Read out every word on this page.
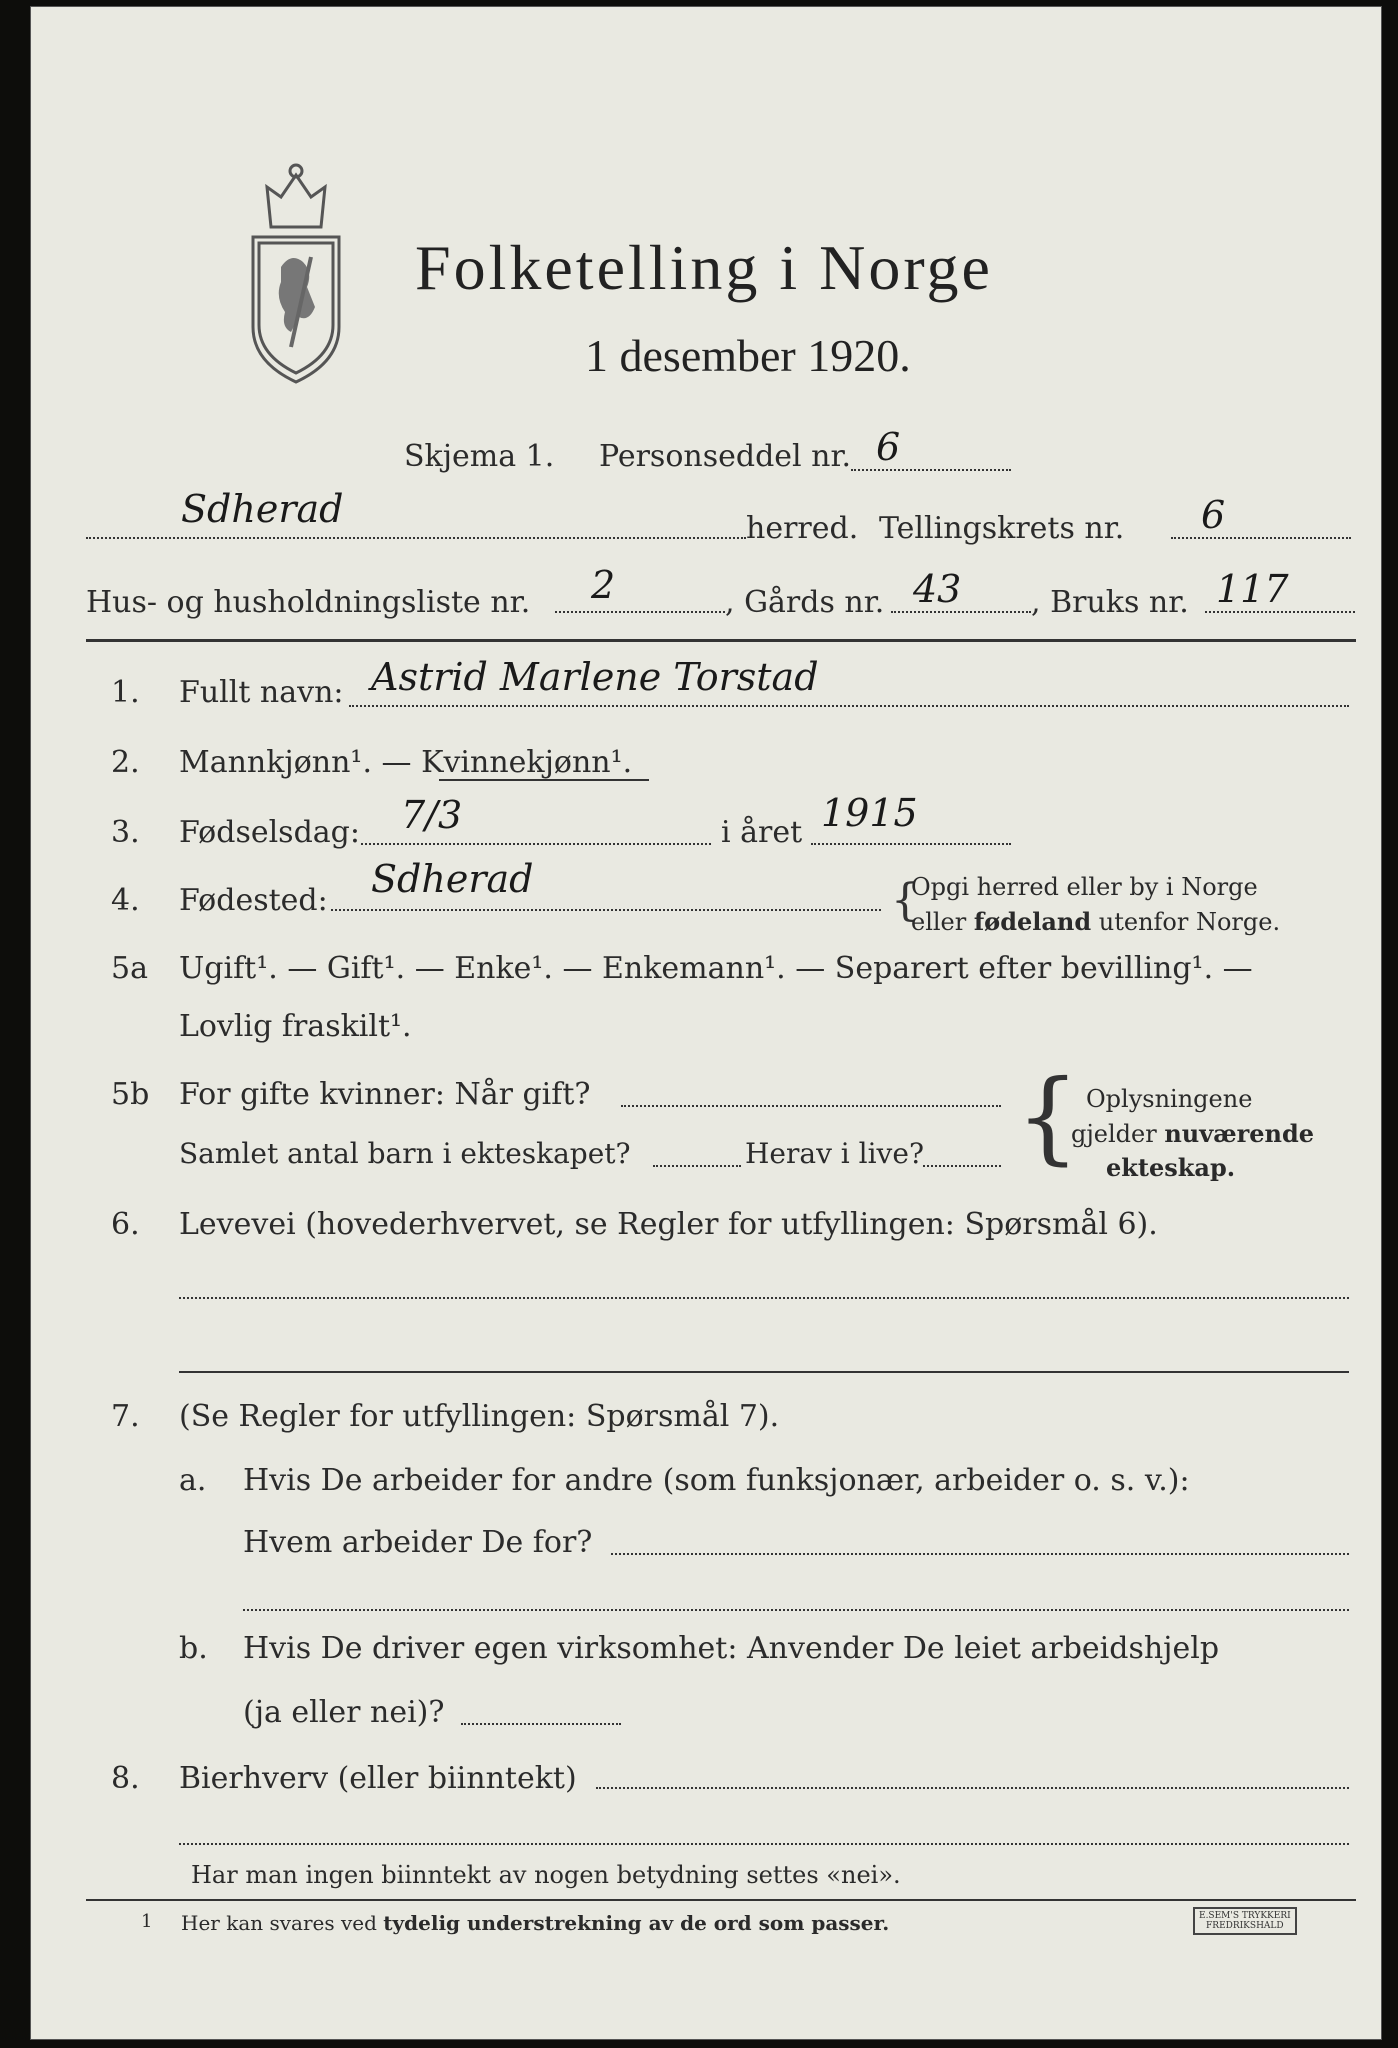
Folketelling i Norge
1 desember 1920.
Skjema 1. Personseddel nr. 6
Sdherad	herred. Tellingskrets nr. 6
Hus- og husholdningsliste nr. 2	, Gårds nr. 43 , Bruks nr. 117
1. Fullt navn: Astrid Marlene Torstad
2. Mannkjønn¹. — Kvinnekjønn¹.
3. Fødselsdag: 7/3	i året 1915
4. Fødested: Sdherad	{
Opgi herred eller by i Norge
eller fødeland utenfor Norge.
5a Ugift¹. — Gift¹. — Enke¹. — Enkemann¹. — Separert efter bevilling¹. —
Lovlig fraskilt¹.
5b For gifte kvinner: Når gift?
Samlet antal barn i ekteskapet?	Herav i live? { Oplysningene
gjelder nuværende
ekteskap.
6. Levevei (hovederhvervet, se Regler for utfyllingen: Spørsmål 6).
7. (Se Regler for utfyllingen: Spørsmål 7).
a. Hvis De arbeider for andre (som funksjonær, arbeider o. s. v.):
Hvem arbeider De for?
b. Hvis De driver egen virksomhet: Anvender De leiet arbeidshjelp
(ja eller nei)?
8. Bierhverv (eller biinntekt)
Har man ingen biinntekt av nogen betydning settes «nei».
1 Her kan svares ved tydelig understrekning av de ord som passer.	E.SEM'S TRYKKERI
FREDRIKSHALD
